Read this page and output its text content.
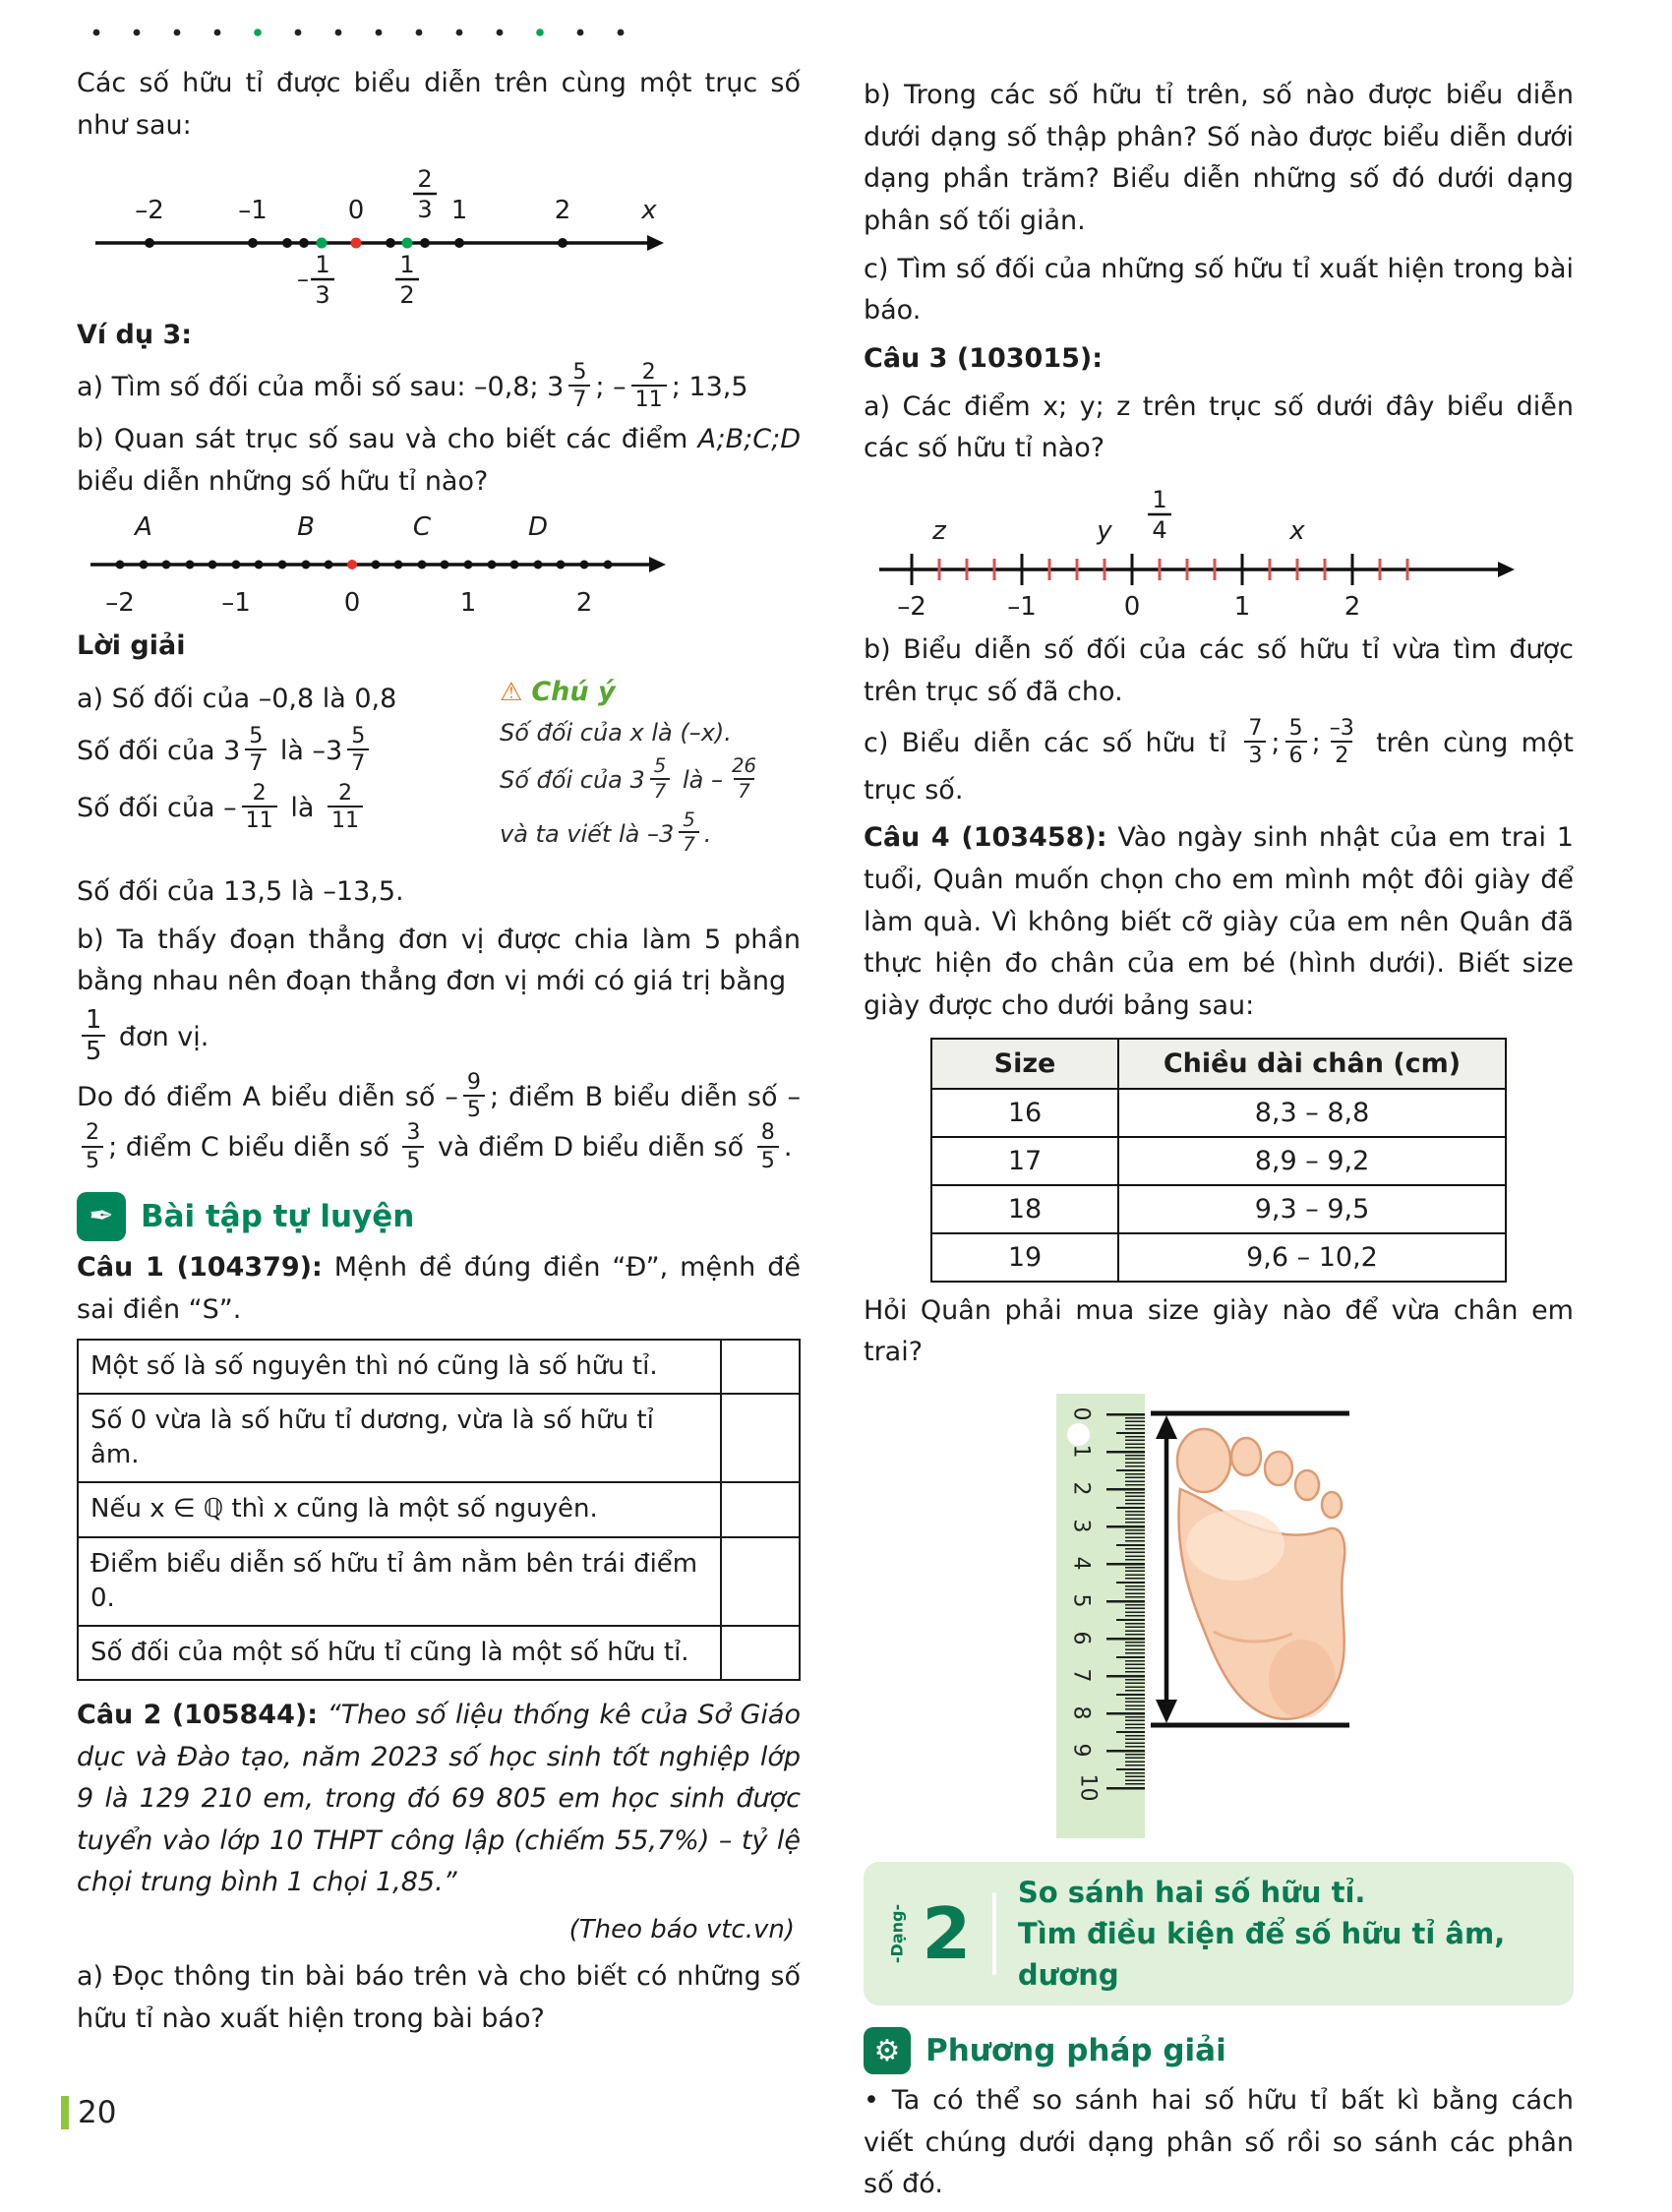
Các số hữu tỉ được biểu diễn trên cùng một trục số như sau:

–2	–1	0	1	2	x
2
3
–
1
3
1
2

Ví dụ 3:

a) Tìm số đối của mỗi số sau: –0,8; $3 \frac{5}{7}$ ; – $\frac{2}{11}$ ; 13,5

b) Quan sát trục số sau và cho biết các điểm A;B;C;D biểu diễn những số hữu tỉ nào?

A	B	C	D
–2	–1	0	1	2

Lời giải

a) Số đối của –0,8 là 0,8

Số đối của $3 \frac{5}{7}$ là $-3 \frac{5}{7}$

Số đối của – $\frac{2}{11}$ là $\frac{2}{11}$

⚠ Chú ý

Số đối của x là (–x).

Số đối của $3 \frac{5}{7}$ là – $\frac{26}{7}$

và ta viết là $-3 \frac{5}{7}$ .

Số đối của 13,5 là –13,5.

b) Ta thấy đoạn thẳng đơn vị được chia làm 5 phần bằng nhau nên đoạn thẳng đơn vị mới có giá trị bằng

$\frac{1}{5}$ đơn vị.

Do đó điểm A biểu diễn số – $\frac{9}{5}$ ; điểm B biểu diễn số –
$\frac{2}{5}$ ; điểm C biểu diễn số $\frac{3}{5}$ và điểm D biểu diễn số $\frac{8}{5}$ .

✒ Bài tập tự luyện

Câu 1 (104379): Mệnh đề đúng điền “Đ”, mệnh đề sai điền “S”.

Một số là số nguyên thì nó cũng là số hữu tỉ.	
Số 0 vừa là số hữu tỉ dương, vừa là số hữu tỉ âm.	
Nếu x ∈ ℚ thì x cũng là một số nguyên.	
Điểm biểu diễn số hữu tỉ âm nằm bên trái điểm 0.	
Số đối của một số hữu tỉ cũng là một số hữu tỉ.	

Câu 2 (105844): “Theo số liệu thống kê của Sở Giáo dục và Đào tạo, năm 2023 số học sinh tốt nghiệp lớp 9 là 129 210 em, trong đó 69 805 em học sinh được tuyển vào lớp 10 THPT công lập (chiếm 55,7%) – tỷ lệ chọi trung bình 1 chọi 1,85.”

(Theo báo vtc.vn)

a) Đọc thông tin bài báo trên và cho biết có những số hữu tỉ nào xuất hiện trong bài báo?

b) Trong các số hữu tỉ trên, số nào được biểu diễn dưới dạng số thập phân? Số nào được biểu diễn dưới dạng phần trăm? Biểu diễn những số đó dưới dạng phân số tối giản.

c) Tìm số đối của những số hữu tỉ xuất hiện trong bài báo.

Câu 3 (103015):

a) Các điểm x; y; z trên trục số dưới đây biểu diễn các số hữu tỉ nào?

z	y	x
1
4
–2	–1	0	1	2

b) Biểu diễn số đối của các số hữu tỉ vừa tìm được trên trục số đã cho.

c) Biểu diễn các số hữu tỉ $\frac{7}{3}$ ; $\frac{5}{6}$ ; $\frac{-3}{2}$ trên cùng một trục số.

Câu 4 (103458): Vào ngày sinh nhật của em trai 1 tuổi, Quân muốn chọn cho em mình một đôi giày để làm quà. Vì không biết cỡ giày của em nên Quân đã thực hiện đo chân của em bé (hình dưới). Biết size giày được cho dưới bảng sau:

Size	Chiều dài chân (cm)
16	8,3 – 8,8
17	8,9 – 9,2
18	9,3 – 9,5
19	9,6 – 10,2

Hỏi Quân phải mua size giày nào để vừa chân em trai?

0
1
2
3
4
5
6
7
8
9
10
-Dạng- 2
So sánh hai số hữu tỉ.
Tìm điều kiện để số hữu tỉ âm, dương
⚙ Phương pháp giải

• Ta có thể so sánh hai số hữu tỉ bất kì bằng cách viết chúng dưới dạng phân số rồi so sánh các phân số đó.

20
